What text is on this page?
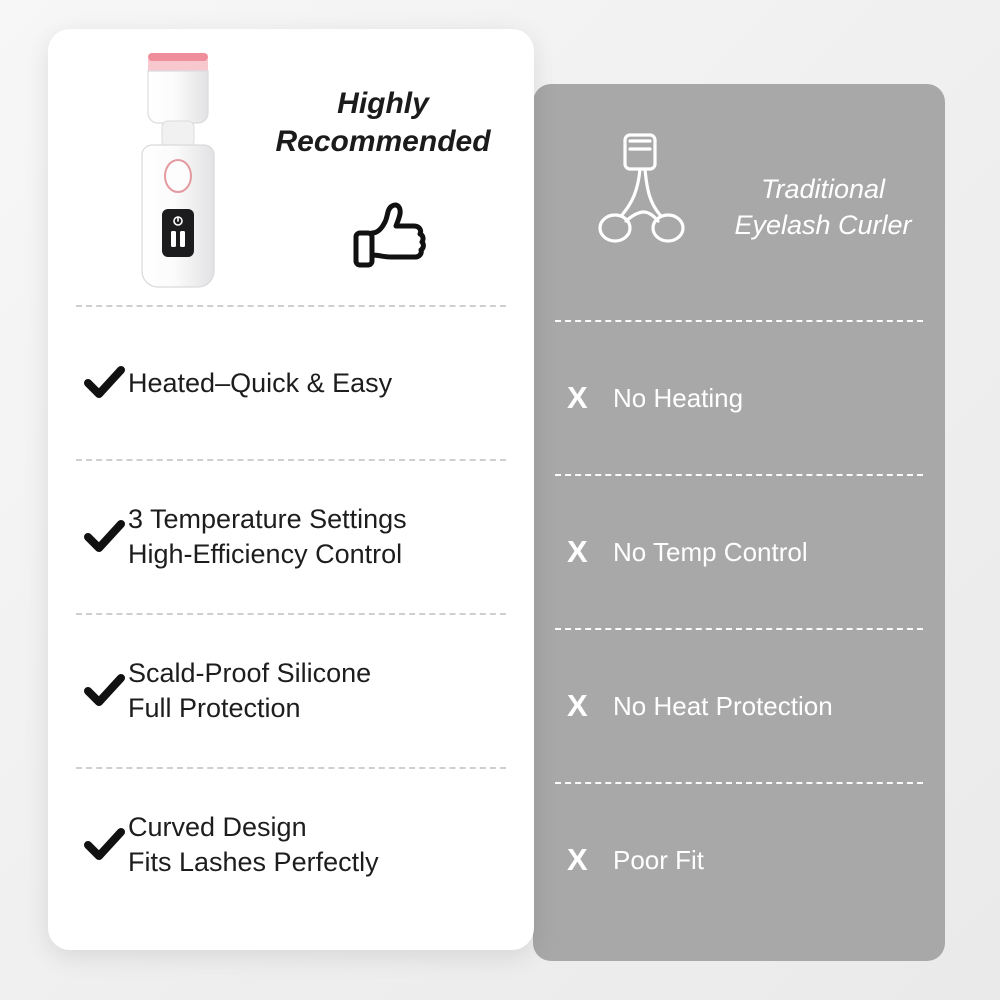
Traditional
Eyelash Curler
X No Heating
X No Temp Control
X No Heat Protection
X Poor Fit
Highly
Recommended
Heated–Quick & Easy
3 Temperature Settings
High-Efficiency Control
Scald-Proof Silicone
Full Protection
Curved Design
Fits Lashes Perfectly
